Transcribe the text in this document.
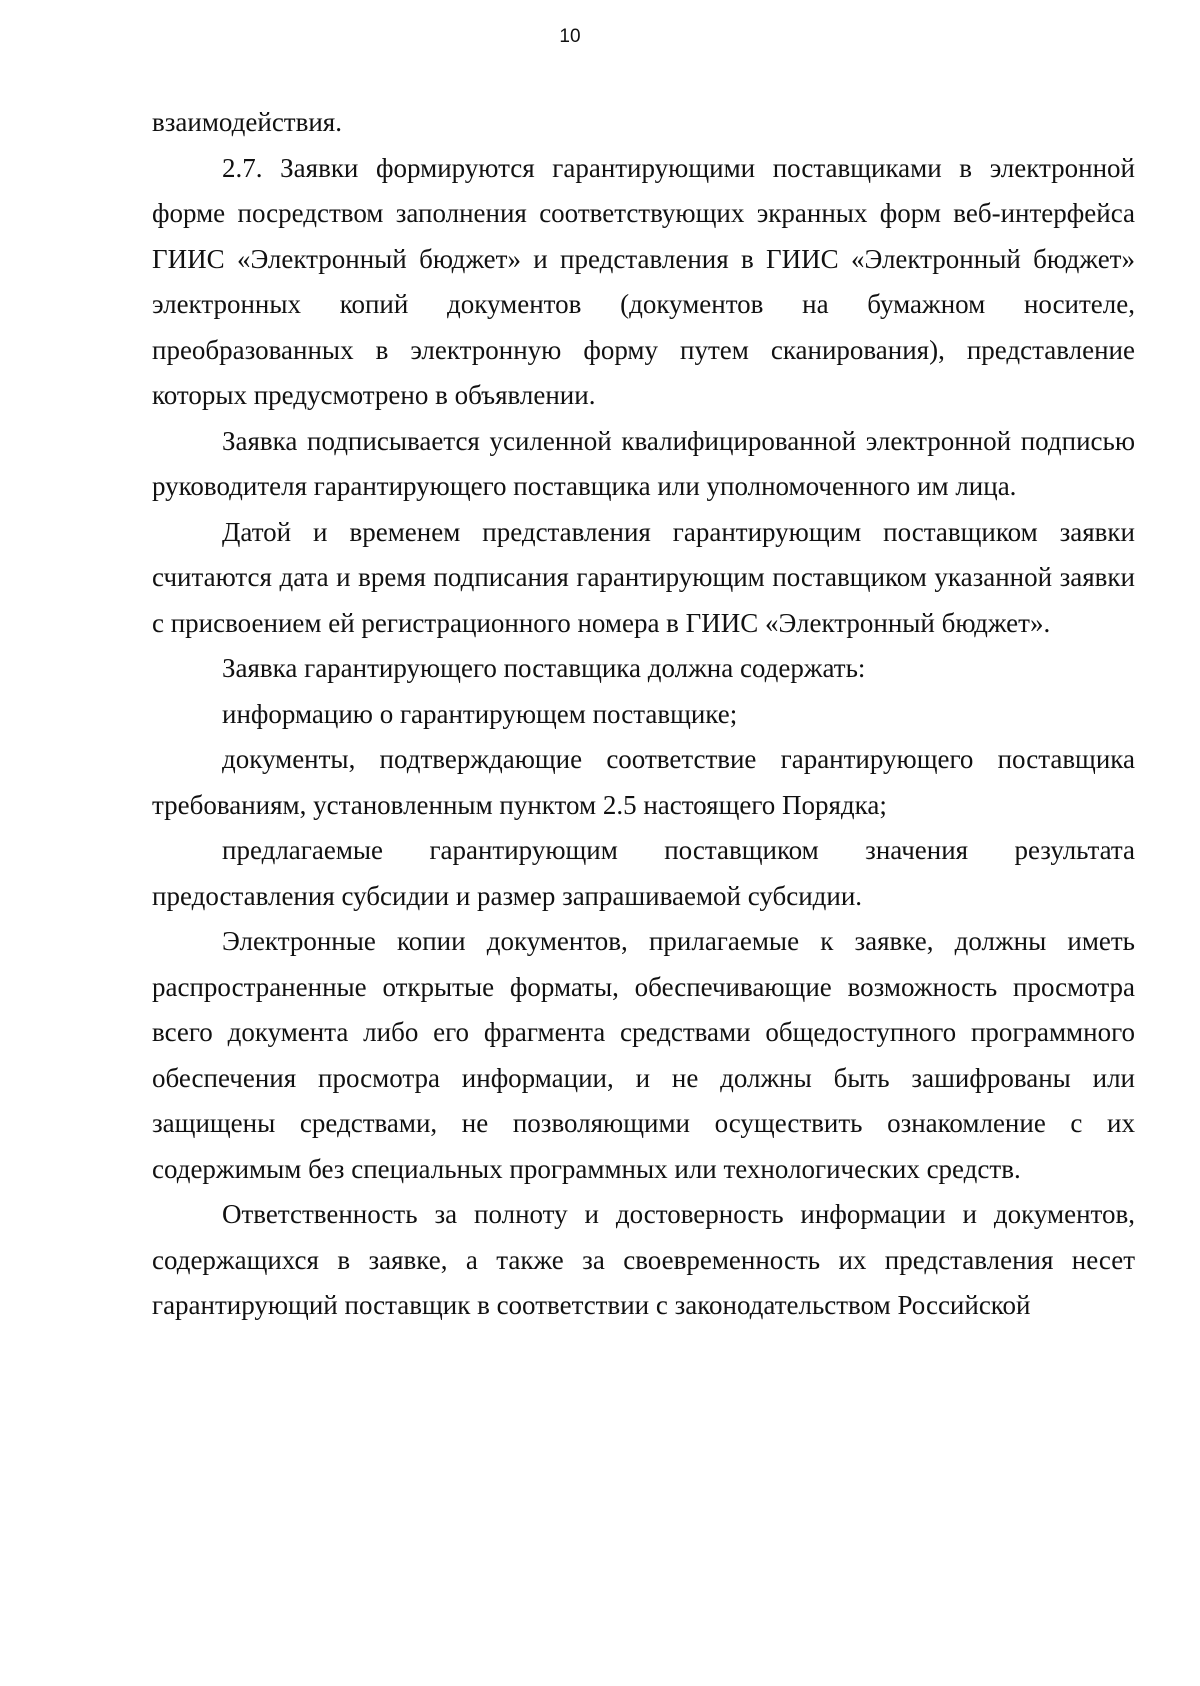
10

взаимодействия.

2.7. Заявки формируются гарантирующими поставщиками в электронной форме посредством заполнения соответствующих экранных форм веб-интерфейса ГИИС «Электронный бюджет» и представления в ГИИС «Электронный бюджет» электронных копий документов (документов на бумажном носителе, преобразованных в электронную форму путем сканирования), представление которых предусмотрено в объявлении.

Заявка подписывается усиленной квалифицированной электронной подписью руководителя гарантирующего поставщика или уполномоченного им лица.

Датой и временем представления гарантирующим поставщиком заявки считаются дата и время подписания гарантирующим поставщиком указанной заявки с присвоением ей регистрационного номера в ГИИС «Электронный бюджет».

Заявка гарантирующего поставщика должна содержать:

информацию о гарантирующем поставщике;

документы, подтверждающие соответствие гарантирующего поставщика требованиям, установленным пунктом 2.5 настоящего Порядка;

предлагаемые гарантирующим поставщиком значения результата предоставления субсидии и размер запрашиваемой субсидии.

Электронные копии документов, прилагаемые к заявке, должны иметь распространенные открытые форматы, обеспечивающие возможность просмотра всего документа либо его фрагмента средствами общедоступного программного обеспечения просмотра информации, и не должны быть зашифрованы или защищены средствами, не позволяющими осуществить ознакомление с их содержимым без специальных программных или технологических средств.

Ответственность за полноту и достоверность информации и документов, содержащихся в заявке, а также за своевременность их представления несет гарантирующий поставщик в соответствии с законодательством Российской
